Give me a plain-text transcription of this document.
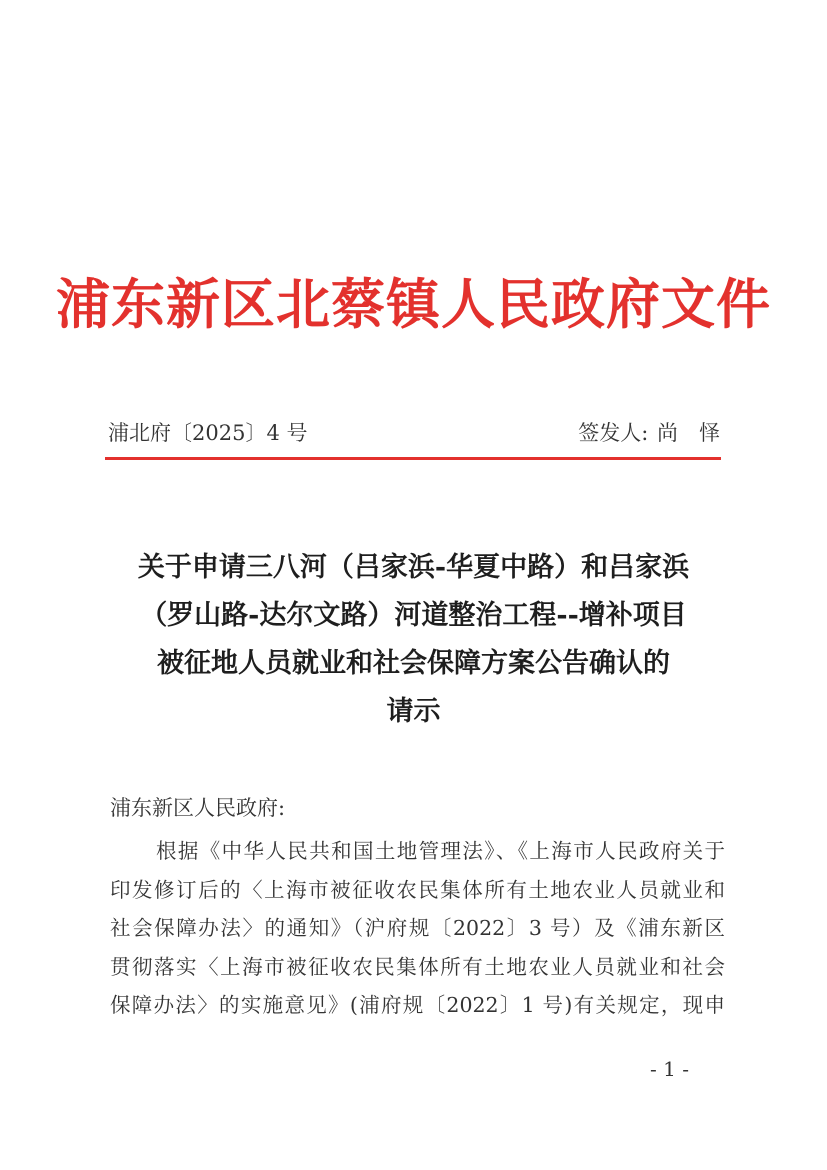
浦东新区北蔡镇人民政府文件
浦北府〔2025〕4 号	签发人: 尚　怿
关于申请三八河（吕家浜-华夏中路）和吕家浜
（罗山路-达尔文路）河道整治工程--增补项目
被征地人员就业和社会保障方案公告确认的
请示
浦东新区人民政府:
根据《中华人民共和国土地管理法》、《上海市人民政府关于
印发修订后的〈上海市被征收农民集体所有土地农业人员就业和
社会保障办法〉的通知》（沪府规〔2022〕3 号）及《浦东新区
贯彻落实〈上海市被征收农民集体所有土地农业人员就业和社会
保障办法〉的实施意见》(浦府规〔2022〕1 号)有关规定，现申
- 1 -
